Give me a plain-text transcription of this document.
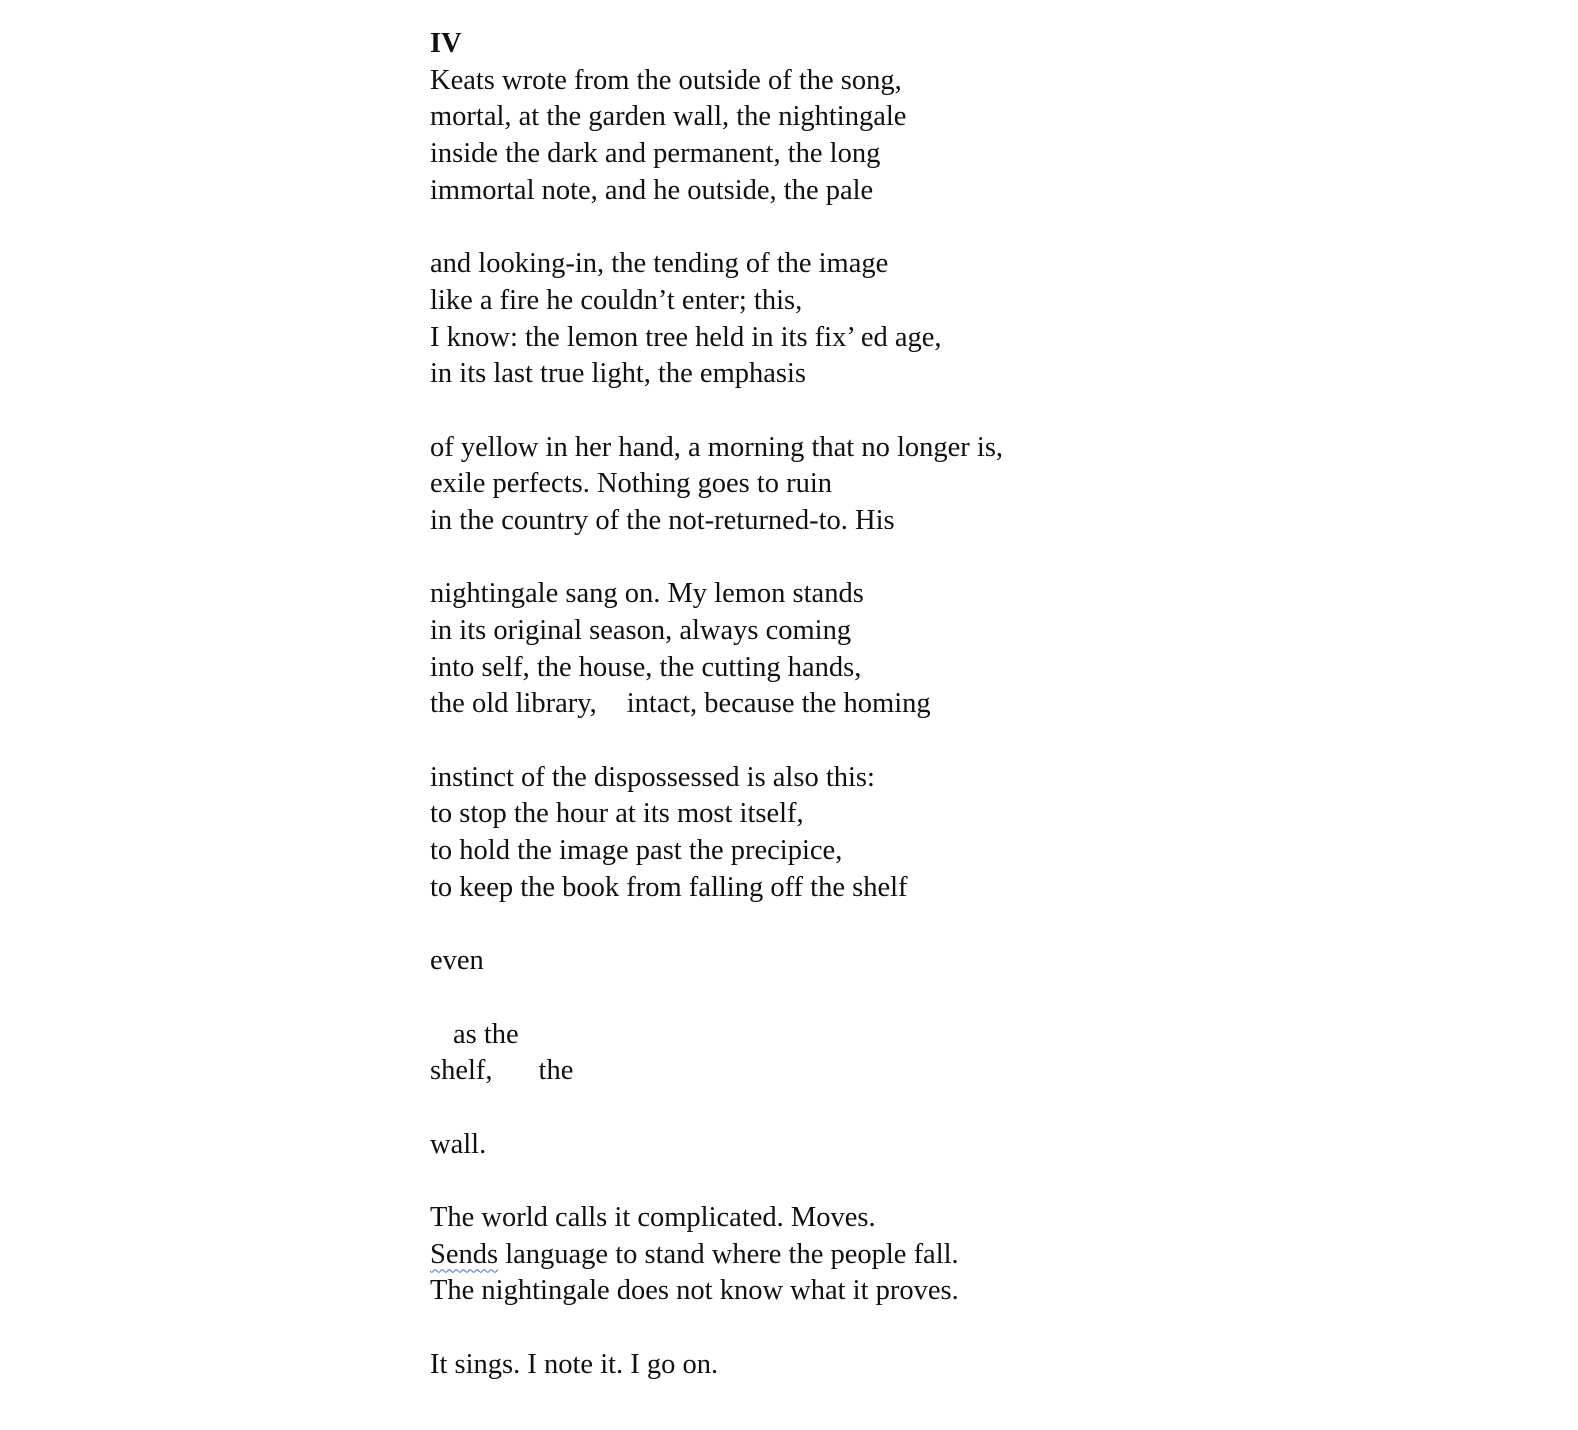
IV
Keats wrote from the outside of the song,
mortal, at the garden wall, the nightingale
inside the dark and permanent, the long
immortal note, and he outside, the pale
and looking-in, the tending of the image
like a fire he couldn’t enter; this,
I know: the lemon tree held in its fix’ ed age,
in its last true light, the emphasis
of yellow in her hand, a morning that no longer is,
exile perfects. Nothing goes to ruin
in the country of the not-returned-to. His
nightingale sang on. My lemon stands
in its original season, always coming
into self, the house, the cutting hands,
the old library, intact, because the homing
instinct of the dispossessed is also this:
to stop the hour at its most itself,
to hold the image past the precipice,
to keep the book from falling off the shelf
even
as the
shelf, the
wall.
The world calls it complicated. Moves.
Sends language to stand where the people fall.
The nightingale does not know what it proves.
It sings. I note it. I go on.
